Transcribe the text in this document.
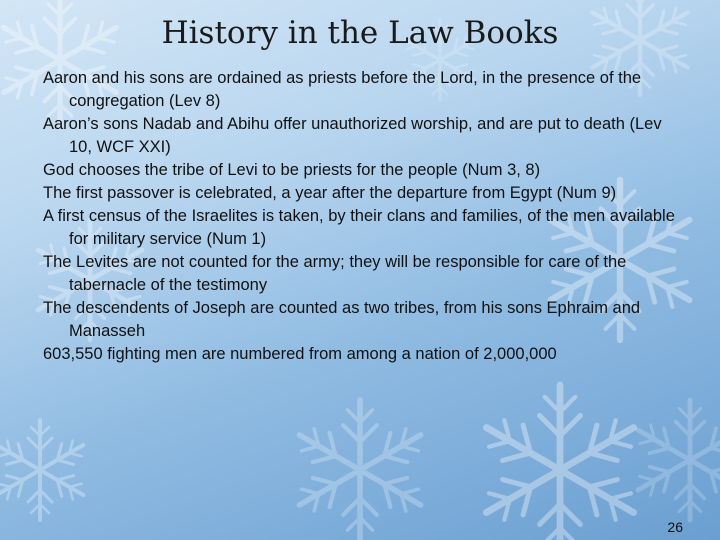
History in the Law Books
Aaron and his sons are ordained as priests before the Lord, in the presence of the congregation (Lev 8)
Aaron’s sons Nadab and Abihu offer unauthorized worship, and are put to death (Lev 10, WCF XXI)
God chooses the tribe of Levi to be priests for the people (Num 3, 8)
The first passover is celebrated, a year after the departure from Egypt (Num 9)
A first census of the Israelites is taken, by their clans and families, of the men available for military service (Num 1)
The Levites are not counted for the army; they will be responsible for care of the tabernacle of the testimony
The descendents of Joseph are counted as two tribes, from his sons Ephraim and Manasseh
603,550 fighting men are numbered from among a nation of 2,000,000
26
